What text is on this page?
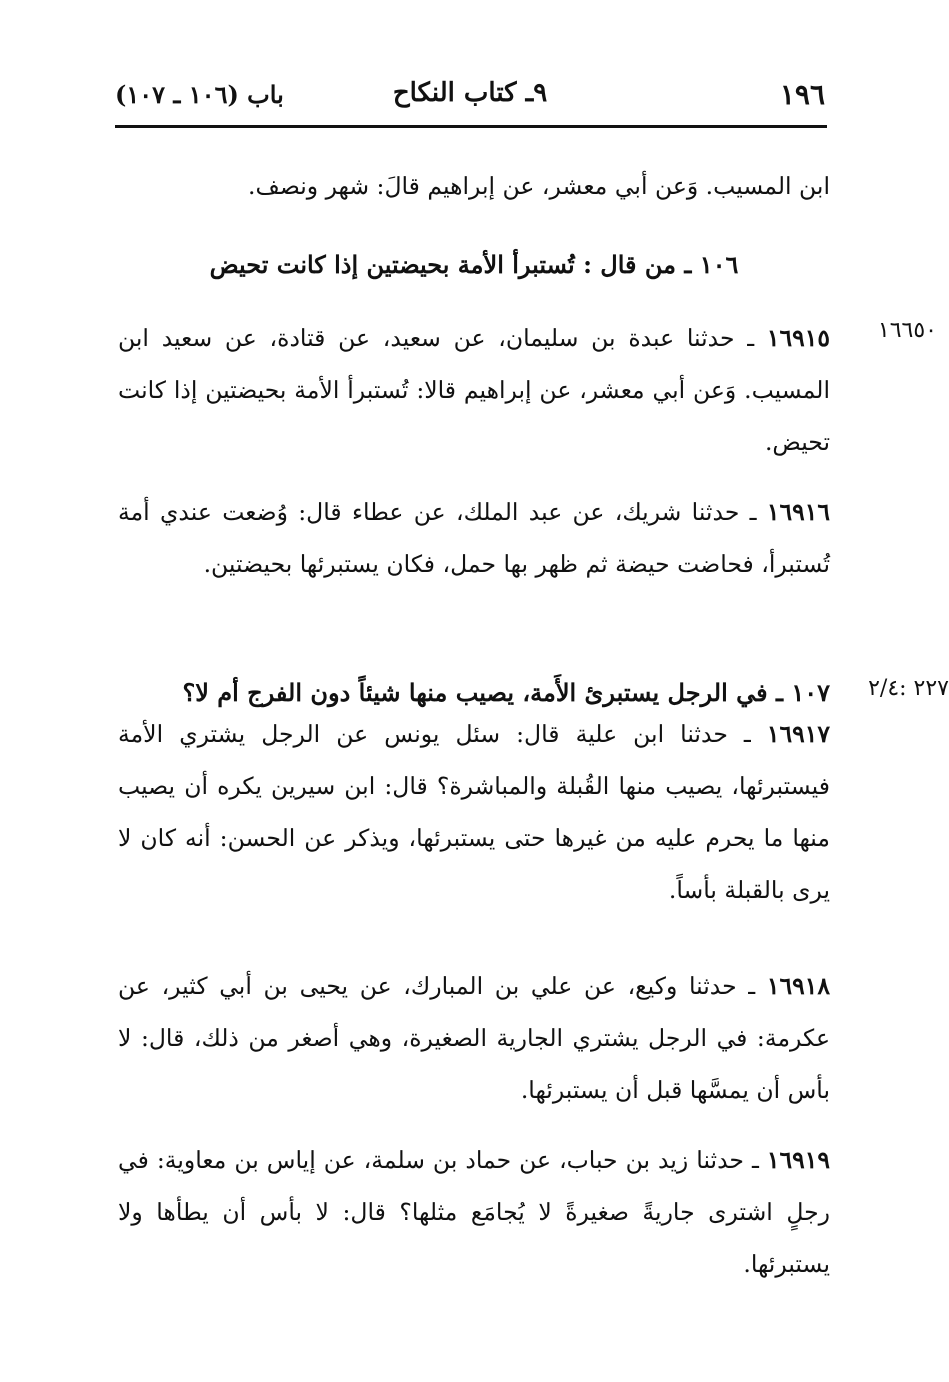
١٩٦
٩ـ كتاب النكاح
باب (١٠٦ ـ ١٠٧)
ابن المسيب. وَعن أبي معشر، عن إبراهيم قالَ: شهر ونصف.
١٠٦ ـ من قال : تُستبرأ الأمة بحيضتين إذا كانت تحيض
١٦٦٥٠
١٦٩١٥ ـ حدثنا عبدة بن سليمان، عن سعيد، عن قتادة، عن سعيد ابن المسيب. وَعن أبي معشر، عن إبراهيم قالا: تُستبرأ الأمة بحيضتين إذا كانت تحيض.
١٦٩١٦ ـ حدثنا شريك، عن عبد الملك، عن عطاء قال: وُضعت عندي أمة تُستبرأ، فحاضت حيضة ثم ظهر بها حمل، فكان يستبرئها بحيضتين.
٢٢٧ :٢/٤
١٠٧ ـ في الرجل يستبرئ الأَمة، يصيب منها شيئاً دون الفرج أم لا؟
١٦٩١٧ ـ حدثنا ابن علية قال: سئل يونس عن الرجل يشتري الأمة فيستبرئها، يصيب منها القُبلة والمباشرة؟ قال: ابن سيرين يكره أن يصيب منها ما يحرم عليه من غيرها حتى يستبرئها، ويذكر عن الحسن: أنه كان لا يرى بالقبلة بأساً.
١٦٩١٨ ـ حدثنا وكيع، عن علي بن المبارك، عن يحيى بن أبي كثير، عن عكرمة: في الرجل يشتري الجارية الصغيرة، وهي أصغر من ذلك، قال: لا بأس أن يمسَّها قبل أن يستبرئها.
١٦٩١٩ ـ حدثنا زيد بن حباب، عن حماد بن سلمة، عن إياس بن معاوية: في رجلٍ اشترى جاريةً صغيرةً لا يُجامَع مثلها؟ قال: لا بأس أن يطأها ولا يستبرئها.
